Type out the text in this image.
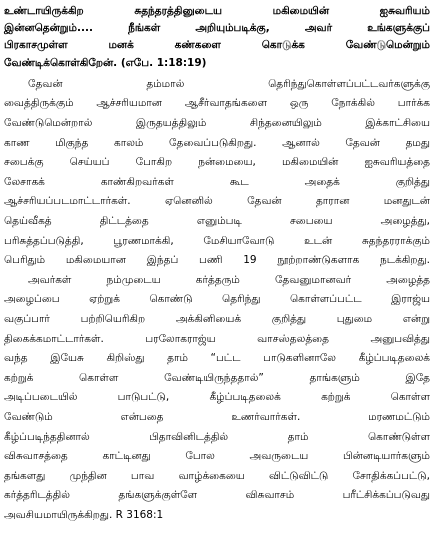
உண்டாயிருக்கிற சுதந்தரத்தினுடைய மகிமையின் ஐசுவரியம்
இன்னதென்றும்.... நீங்கள் அறியும்படிக்கு, அவர் உங்களுக்குப்
பிரகாசமுள்ள மனக் கண்களை கொடுக்க வேண்டுமென்றும்
வேண்டிக்கொள்கிறேன். (எபே. 1:18:19)
தேவன் தம்மால் தெரிந்துகொள்ளப்பட்டவர்களுக்கு
வைத்திருக்கும் ஆச்சரியமான ஆசீர்வாதங்களை ஒரு நோக்கில் பார்க்க
வேண்டுமென்றால் இருதயத்திலும் சிந்தனையிலும் இக்காட்சியை
காண மிகுந்த காலம் தேவைப்படுகிறது. ஆனால் தேவன் தமது
சபைக்கு செய்யப் போகிற நன்மையை, மகிமையின் ஐசுவரியத்தை
லேசாகக் காண்கிறவர்கள் கூட அதைக் குறித்து
ஆச்சரியப்படமாட்டார்கள். ஏனெனில் தேவன் தாரான மனதுடன்
தெய்வீகத் திட்டத்தை எனும்படி சபையை அழைத்து,
பரிசுத்தப்படுத்தி, பூரணமாக்கி, மேசியாவோடு உடன் சுதந்தரராக்கும்
பெரிதும் மகிமையான இந்தப் பணி 19 நூற்றாண்டுகளாக நடக்கிறது.
அவர்கள் நம்முடைய கர்த்தரும் தேவனுமானவர் அழைத்த
அழைப்பை ஏற்றுக் கொண்டு தெரிந்து கொள்ளப்பட்ட இராஜ்ய
வகுப்பார் பற்றியெரிகிற அக்கினியைக் குறித்து புதுமை என்று
திகைக்கமாட்டார்கள். பரலோகராஜ்ய வாசஸ்தலத்தை அனுபவித்து
வந்த இயேசு கிறிஸ்து தாம் “பட்ட பாடுகளினாலே கீழ்ப்படிதலைக்
கற்றுக் கொள்ள வேண்டியிருந்ததால்” தாங்களும் இதே
அடிப்படையில் பாடுபட்டு, கீழ்ப்படிதலைக் கற்றுக் கொள்ள
வேண்டும் என்பதை உணர்வார்கள். மரணமட்டும்
கீழ்ப்படிந்ததினால் பிதாவினிடத்தில் தாம் கொண்டுள்ள
விசுவாசத்தை காட்டினது போல அவருடைய பின்னடியார்களும்
தங்களது முந்தின பாவ வாழ்க்கையை விட்டுவிட்டு சோதிக்கப்பட்டு,
கர்த்தரிடத்தில் தங்களுக்குள்ளே விசுவாசம் பரீட்சிக்கப்படுவது
அவசியமாயிருக்கிறது. R 3168:1
